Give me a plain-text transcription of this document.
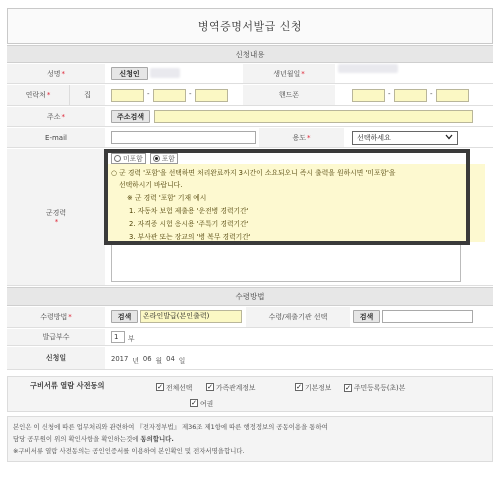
병역증명서발급 신청
신청내용
성명 *	신청인	생년월일 *
연락처 *	집	-	-	핸드폰	-	-
주소 *	주소검색
E-mail	용도 *	선택하세요
군경력
*
미포함	포함
○ 군 경력 '포함'을 선택하면 처리완료까지 3시간이 소요되오니 즉시 출력을 원하시면 '미포함'을
선택하시기 바랍니다.
※ 군 경력 '포함' 기재 예시
1. 자동차 보험 제출용 '운전병 경력기간'
2. 자격증 시험 응시용 '주특기 경력기간'
3. 부사관 또는 장교의 '병 복무 경력기간'
수령방법
수령방법 *	검색	온라인발급(본인출력)	수령/제출기관 선택	검색
발급부수	1	부
신청일	2017 년 06 월 04 일
구비서류 열람 사전동의	✓ 전체선택 ✓ 가족관계정보	✓ 기본정보 ✓ 주민등록등(초)본
✓ 여권

본인은 이 신청에 따른 업무처리와 관련하여 『전자정부법』 제36조 제1항에 따른 행정정보의 공동이용을 통하여

담당 공무원이 위의 확인사항을 확인하는것에 동의합니다.

※구비서류 열람 사전동의는 공인인증서를 이용하여 본인확인 및 전자서명을합니다.
